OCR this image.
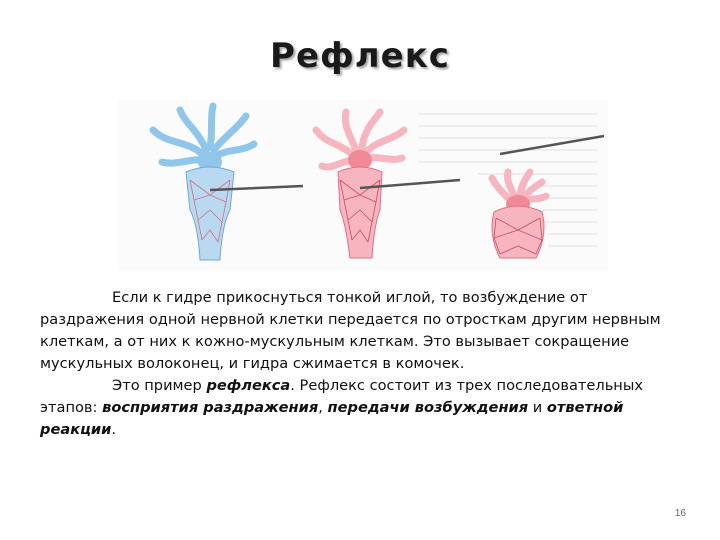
Рефлекс

Если к гидре прикоснуться тонкой иглой, то возбуждение от раздражения одной нервной клетки передается по отросткам другим нервным клеткам, а от них к кожно-мускульным клеткам. Это вызывает сокращение мускульных волоконец, и гидра сжимается в комочек.

Это пример рефлекса. Рефлекс состоит из трех последовательных этапов: восприятия раздражения, передачи возбуждения и ответной реакции.

16
